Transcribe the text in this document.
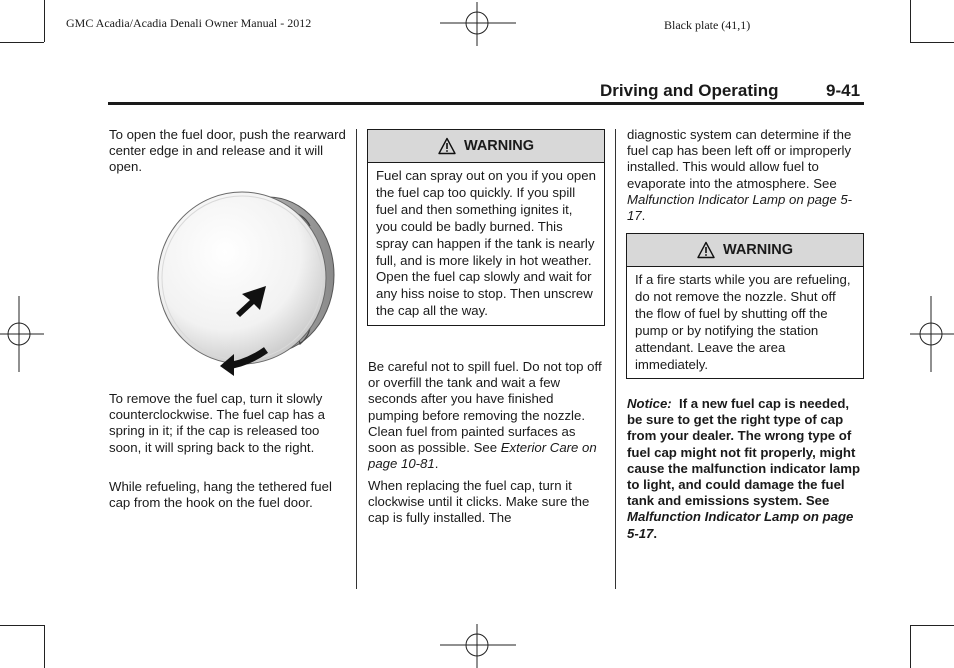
GMC Acadia/Acadia Denali Owner Manual - 2012	Black plate (41,1)
Driving and Operating	9-41

To open the fuel door, push the rearward center edge in and release and it will open.

To remove the fuel cap, turn it slowly counterclockwise. The fuel cap has a spring in it; if the cap is released too soon, it will spring back to the right.

While refueling, hang the tethered fuel cap from the hook on the fuel door.

WARNING
Fuel can spray out on you if you open the fuel cap too quickly. If you spill fuel and then something ignites it, you could be badly burned. This spray can happen if the tank is nearly full, and is more likely in hot weather. Open the fuel cap slowly and wait for any hiss noise to stop. Then unscrew the cap all the way.

Be careful not to spill fuel. Do not top off or overfill the tank and wait a few seconds after you have finished pumping before removing the nozzle. Clean fuel from painted surfaces as soon as possible. See Exterior Care on page 10-81.

When replacing the fuel cap, turn it clockwise until it clicks. Make sure the cap is fully installed. The

diagnostic system can determine if the fuel cap has been left off or improperly installed. This would allow fuel to evaporate into the atmosphere. See Malfunction Indicator Lamp on page 5-17.

WARNING
If a fire starts while you are refueling, do not remove the nozzle. Shut off the flow of fuel by shutting off the pump or by notifying the station attendant. Leave the area immediately.

Notice: If a new fuel cap is needed, be sure to get the right type of cap from your dealer. The wrong type of fuel cap might not fit properly, might cause the malfunction indicator lamp to light, and could damage the fuel tank and emissions system. See Malfunction Indicator Lamp on page 5-17.
